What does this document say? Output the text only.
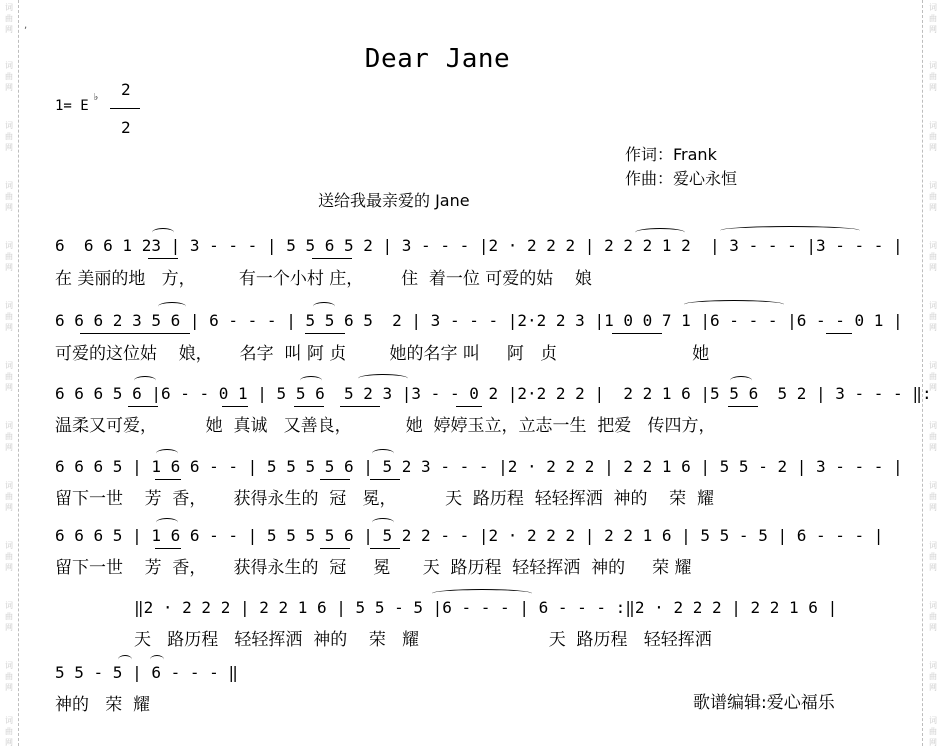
词曲网
词曲网
词曲网
词曲网
词曲网
词曲网
词曲网
词曲网
词曲网
词曲网
词曲网
词曲网
词曲网
词曲网
词曲网
词曲网
词曲网
词曲网
词曲网
词曲网
词曲网
词曲网
词曲网
词曲网
词曲网
词曲网
,
Dear Jane
1= E
♭ 2
2
作词：Frank
作曲：爱心永恒
送给我最亲爱的 Jane
6  6 6 1 23 | 3 - - - | 5 5 6 5 2 | 3 - - - |2 · 2 2 2 | 2 2 2 1 2  | 3 - - - |3 - - - |
在 美丽的地   方，        有一个小村 庄，       住  着一位 可爱的姑    娘
6 6 6 2 3 5 6 | 6 - - - | 5 5 6 5  2 | 3 - - - |2·2 2 3 |1 0 0 7 1 |6 - - - |6 - - 0 1 |
可爱的这位姑    娘，     名字  叫 阿 贞        她的名字 叫     阿   贞                         她
6 6 6 5 6 |6 - - 0 1 | 5 5 6  5 2 3 |3 - - 0 2 |2·2 2 2 |  2 2 1 6 |5 5 6  5 2 | 3 - - - ‖:
温柔又可爱，         她  真诚   又善良，          她  婷婷玉立，立志一生  把爱   传四方，
6 6 6 5 | 1 6 6 - - | 5 5 5 5 6 | 5 2 3 - - - |2 · 2 2 2 | 2 2 1 6 | 5 5 - 2 | 3 - - - |
留下一世    芳  香，     获得永生的  冠   冕，         天  路历程  轻轻挥洒  神的    荣  耀
6 6 6 5 | 1 6 6 - - | 5 5 5 5 6 | 5 2 2 - - |2 · 2 2 2 | 2 2 1 6 | 5 5 - 5 | 6 - - - |
留下一世    芳  香，     获得永生的  冠     冕      天  路历程  轻轻挥洒  神的     荣 耀
‖2 · 2 2 2 | 2 2 1 6 | 5 5 - 5 |6 - - - | 6 - - - :‖2 · 2 2 2 | 2 2 1 6 |
天   路历程   轻轻挥洒  神的    荣   耀                        天  路历程   轻轻挥洒
5 5 - 5 | 6 - - - ‖
神的   荣  耀	歌谱编辑:爱心福乐
